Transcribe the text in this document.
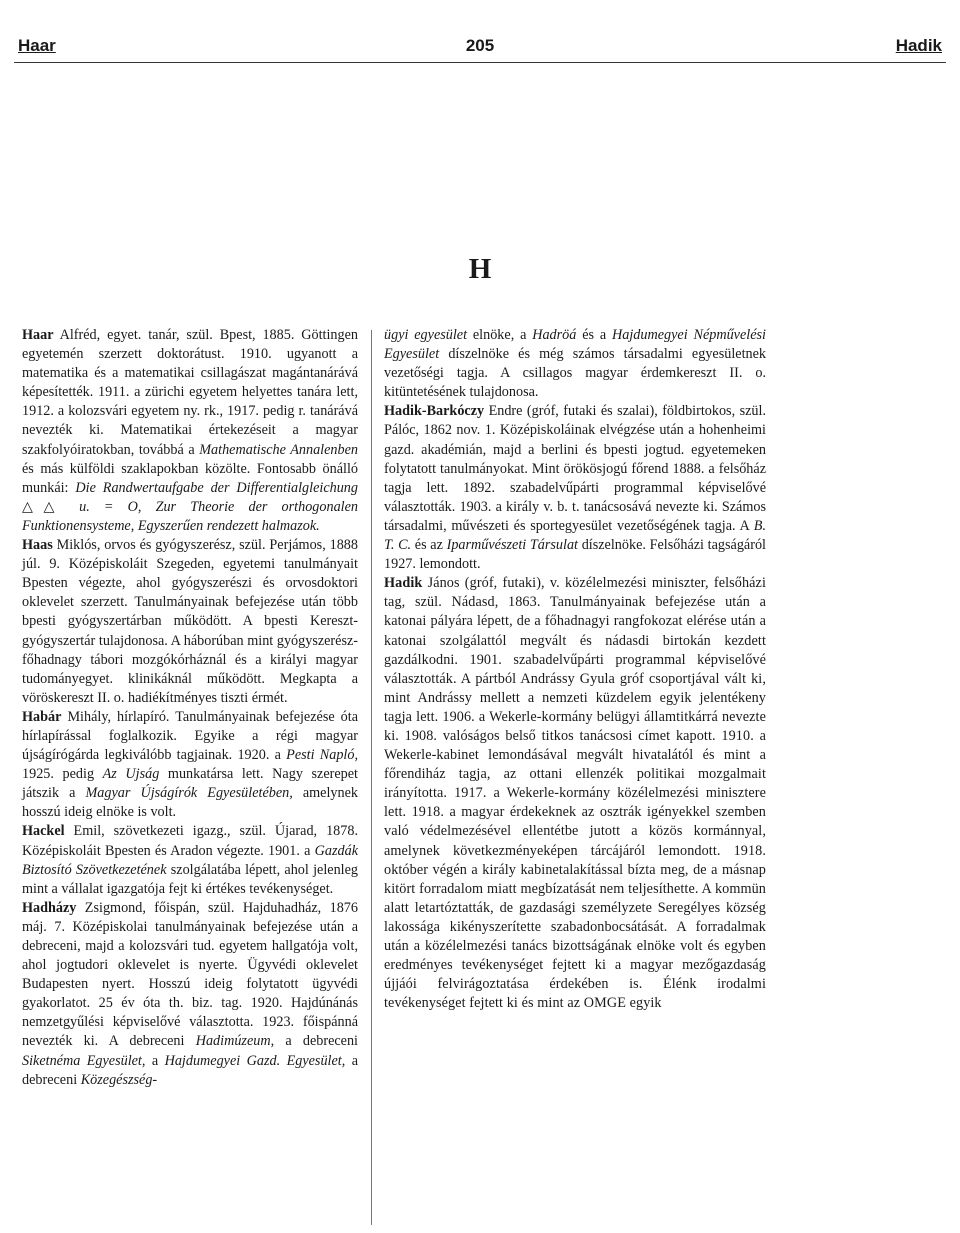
Haar	205	Hadik
H

Haar Alfréd, egyet. tanár, szül. Bpest, 1885. Göttingen egyetemén szerzett doktorátust. 1910. ugyanott a matematika és a matematikai csillagászat magántanárává képesítették. 1911. a zürichi egyetem helyettes tanára lett, 1912. a kolozsvári egyetem ny. rk., 1917. pedig r. tanárává nevezték ki. Matematikai értekezéseit a magyar szakfolyóiratokban, továbbá a Mathematische Annalenben és más külföldi szaklapokban közölte. Fontosabb önálló munkái: Die Randwertaufgabe der Differentialgleichung △△ u. = O, Zur Theorie der orthogonalen Funktionensysteme, Egyszerűen rendezett halmazok.

Haas Miklós, orvos és gyógyszerész, szül. Perjámos, 1888 júl. 9. Középiskoláit Szegeden, egyetemi tanulmányait Bpesten végezte, ahol gyógyszerészi és orvosdoktori oklevelet szerzett. Tanulmányainak befejezése után több bpesti gyógyszertárban működött. A bpesti Kereszt-gyógyszertár tulajdonosa. A háborúban mint gyógyszerész-főhadnagy tábori mozgókórháznál és a királyi magyar tudományegyet. klinikáknál működött. Megkapta a vöröskereszt II. o. hadiékítményes tiszti érmét.

Habár Mihály, hírlapíró. Tanulmányainak befejezése óta hírlapírással foglalkozik. Egyike a régi magyar újságírógárda legkiválóbb tagjainak. 1920. a Pesti Napló, 1925. pedig Az Ujság munkatársa lett. Nagy szerepet játszik a Magyar Újságírók Egyesületében, amelynek hosszú ideig elnöke is volt.

Hackel Emil, szövetkezeti igazg., szül. Újarad, 1878. Középiskoláit Bpesten és Aradon végezte. 1901. a Gazdák Biztosító Szövetkezetének szolgálatába lépett, ahol jelenleg mint a vállalat igazgatója fejt ki értékes tevékenységet.

Hadházy Zsigmond, főispán, szül. Hajduhadház, 1876 máj. 7. Középiskolai tanulmányainak befejezése után a debreceni, majd a kolozsvári tud. egyetem hallgatója volt, ahol jogtudori oklevelet is nyerte. Ügyvédi oklevelet Budapesten nyert. Hosszú ideig folytatott ügyvédi gyakorlatot. 25 év óta th. biz. tag. 1920. Hajdúnánás nemzetgyűlési képviselővé választotta. 1923. főispánná nevezték ki. A debreceni Hadimúzeum, a debreceni Siketnéma Egyesület, a Hajdumegyei Gazd. Egyesület, a debreceni Közegészség-

ügyi egyesület elnöke, a Hadröá és a Hajdumegyei Népművelési Egyesület díszelnöke és még számos társadalmi egyesületnek vezetőségi tagja. A csillagos magyar érdemkereszt II. o. kitüntetésének tulajdonosa.

Hadik-Barkóczy Endre (gróf, futaki és szalai), földbirtokos, szül. Pálóc, 1862 nov. 1. Középiskoláinak elvégzése után a hohenheimi gazd. akadémián, majd a berlini és bpesti jogtud. egyetemeken folytatott tanulmányokat. Mint örökösjogú főrend 1888. a felsőház tagja lett. 1892. szabadelvűpárti programmal képviselővé választották. 1903. a király v. b. t. tanácsosává nevezte ki. Számos társadalmi, művészeti és sportegyesület vezetőségének tagja. A B. T. C. és az Iparművészeti Társulat díszelnöke. Felsőházi tagságáról 1927. lemondott.

Hadik János (gróf, futaki), v. közélelmezési miniszter, felsőházi tag, szül. Nádasd, 1863. Tanulmányainak befejezése után a katonai pályára lépett, de a főhadnagyi rangfokozat elérése után a katonai szolgálattól megvált és nádasdi birtokán kezdett gazdálkodni. 1901. szabadelvűpárti programmal képviselővé választották. A pártból Andrássy Gyula gróf csoportjával vált ki, mint Andrássy mellett a nemzeti küzdelem egyik jelentékeny tagja lett. 1906. a Wekerle-kormány belügyi államtitkárrá nevezte ki. 1908. valóságos belső titkos tanácsosi címet kapott. 1910. a Wekerle-kabinet lemondásával megvált hivatalától és mint a főrendiház tagja, az ottani ellenzék politikai mozgalmait irányította. 1917. a Wekerle-kormány közélelmezési minisztere lett. 1918. a magyar érdekeknek az osztrák igényekkel szemben való védelmezésével ellentétbe jutott a közös kormánnyal, amelynek következményeképen tárcájáról lemondott. 1918. október végén a király kabinetalakítással bízta meg, de a másnap kitört forradalom miatt megbízatását nem teljesíthette. A kommün alatt letartóztatták, de gazdasági személyzete Seregélyes község lakossága kikényszerítette szabadonbocsátását. A forradalmak után a közélelmezési tanács bizottságának elnöke volt és egyben eredményes tevékenységet fejtett ki a magyar mezőgazdaság újjáói felvirágoztatása érdekében is. Élénk irodalmi tevékenységet fejtett ki és mint az OMGE egyik
